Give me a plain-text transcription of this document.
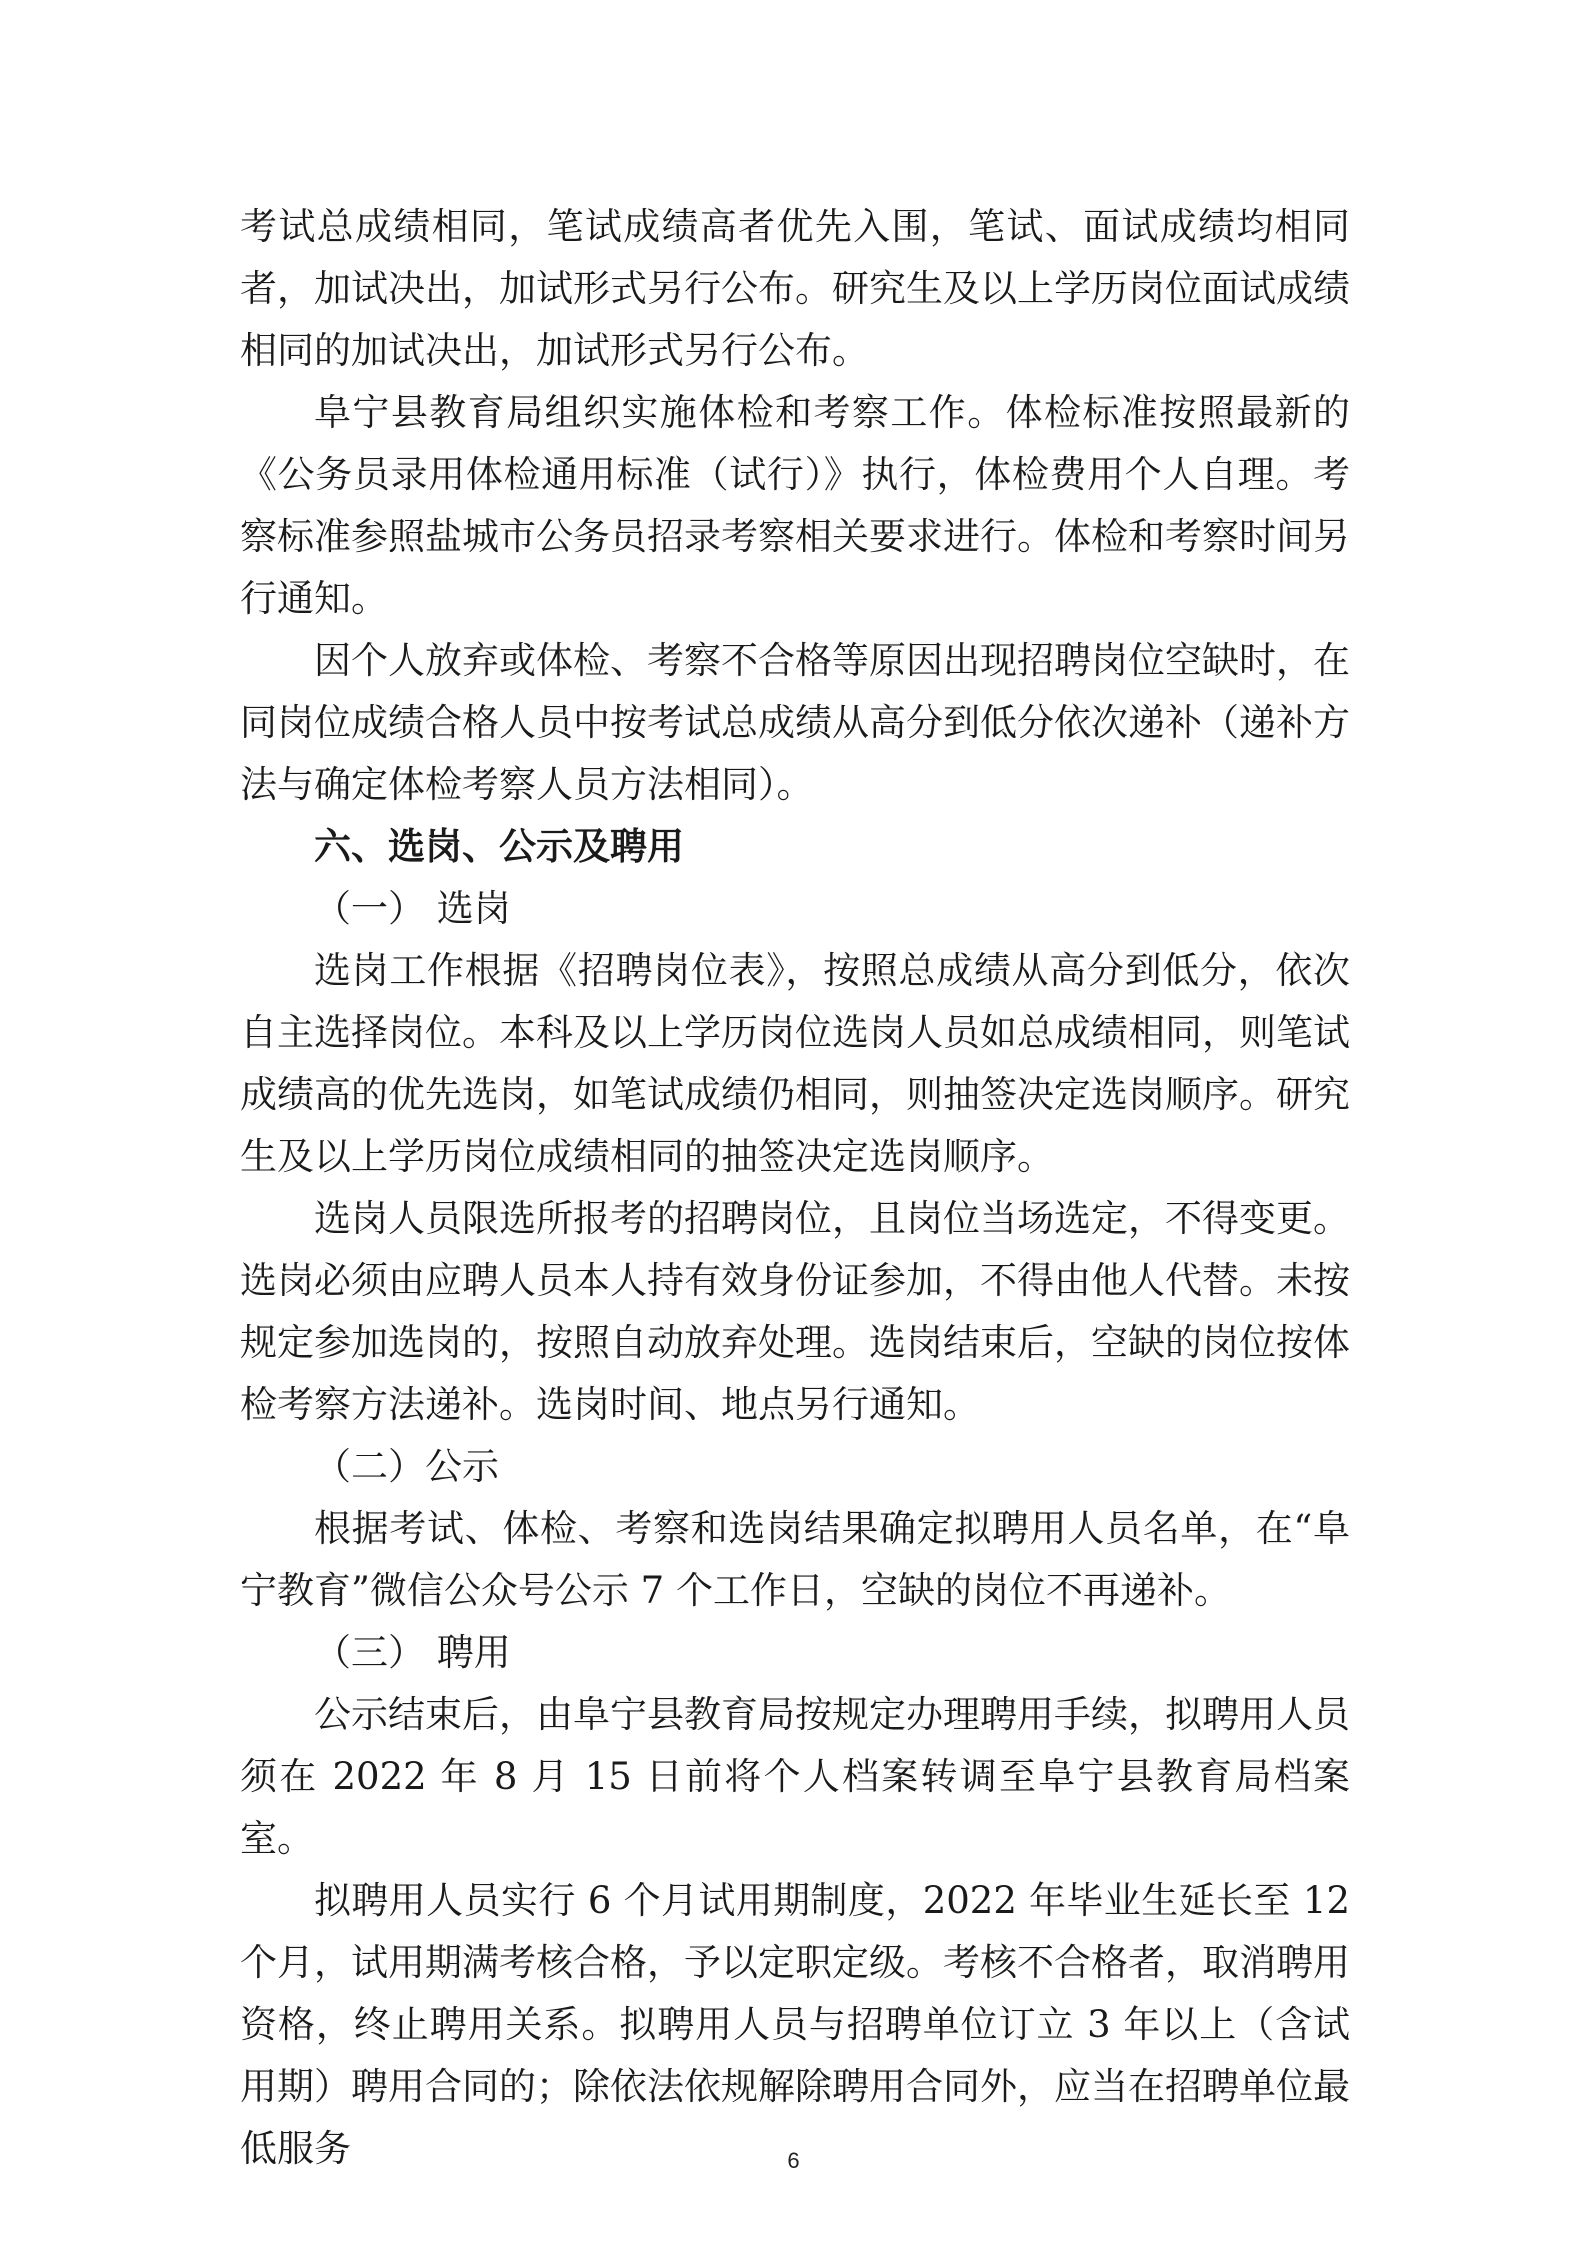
考试总成绩相同，笔试成绩高者优先入围，笔试、面试成绩均相同者，加试决出，加试形式另行公布。研究生及以上学历岗位面试成绩相同的加试决出，加试形式另行公布。

阜宁县教育局组织实施体检和考察工作。体检标准按照最新的《公务员录用体检通用标准（试行）》执行，体检费用个人自理。考察标准参照盐城市公务员招录考察相关要求进行。体检和考察时间另行通知。

因个人放弃或体检、考察不合格等原因出现招聘岗位空缺时，在同岗位成绩合格人员中按考试总成绩从高分到低分依次递补（递补方法与确定体检考察人员方法相同）。

六、选岗、公示及聘用

（一） 选岗

选岗工作根据《招聘岗位表》，按照总成绩从高分到低分，依次自主选择岗位。本科及以上学历岗位选岗人员如总成绩相同，则笔试成绩高的优先选岗，如笔试成绩仍相同，则抽签决定选岗顺序。研究生及以上学历岗位成绩相同的抽签决定选岗顺序。

选岗人员限选所报考的招聘岗位，且岗位当场选定，不得变更。选岗必须由应聘人员本人持有效身份证参加，不得由他人代替。未按规定参加选岗的，按照自动放弃处理。选岗结束后，空缺的岗位按体检考察方法递补。选岗时间、地点另行通知。

（二）公示

根据考试、体检、考察和选岗结果确定拟聘用人员名单，在“阜宁教育”微信公众号公示 7 个工作日，空缺的岗位不再递补。

（三） 聘用

公示结束后，由阜宁县教育局按规定办理聘用手续，拟聘用人员须在 2022 年 8 月 15 日前将个人档案转调至阜宁县教育局档案室。

拟聘用人员实行 6 个月试用期制度，2022 年毕业生延长至 12 个月，试用期满考核合格，予以定职定级。考核不合格者，取消聘用资格，终止聘用关系。拟聘用人员与招聘单位订立 3 年以上（含试用期）聘用合同的；除依法依规解除聘用合同外，应当在招聘单位最低服务	6
